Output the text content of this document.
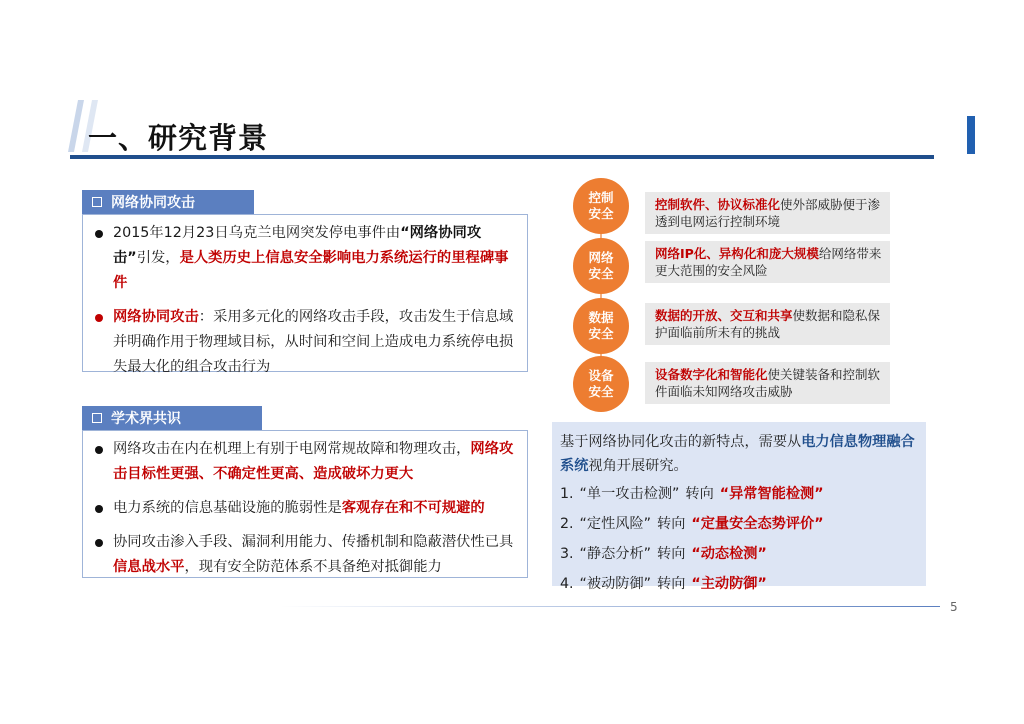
一、研究背景
网络协同攻击
2015年12月23日乌克兰电网突发停电事件由“网络协同攻击”引发，是人类历史上信息安全影响电力系统运行的里程碑事件
网络协同攻击：采用多元化的网络攻击手段，攻击发生于信息域并明确作用于物理域目标，从时间和空间上造成电力系统停电损失最大化的组合攻击行为
学术界共识
网络攻击在内在机理上有别于电网常规故障和物理攻击，网络攻击目标性更强、不确定性更高、造成破坏力更大
电力系统的信息基础设施的脆弱性是客观存在和不可规避的
协同攻击渗入手段、漏洞利用能力、传播机制和隐蔽潜伏性已具信息战水平，现有安全防范体系不具备绝对抵御能力
控制
安全
控制软件、协议标准化使外部威胁便于渗透到电网运行控制环境
网络
安全
网络IP化、异构化和庞大规模给网络带来更大范围的安全风险
数据
安全
数据的开放、交互和共享使数据和隐私保护面临前所未有的挑战
设备
安全
设备数字化和智能化使关键装备和控制软件面临未知网络攻击威胁
基于网络协同化攻击的新特点，需要从电力信息物理融合系统视角开展研究。
1. “单一攻击检测” 转向 “异常智能检测”
2. “定性风险” 转向 “定量安全态势评价”
3. “静态分析” 转向 “动态检测”
4. “被动防御” 转向 “主动防御”
5
